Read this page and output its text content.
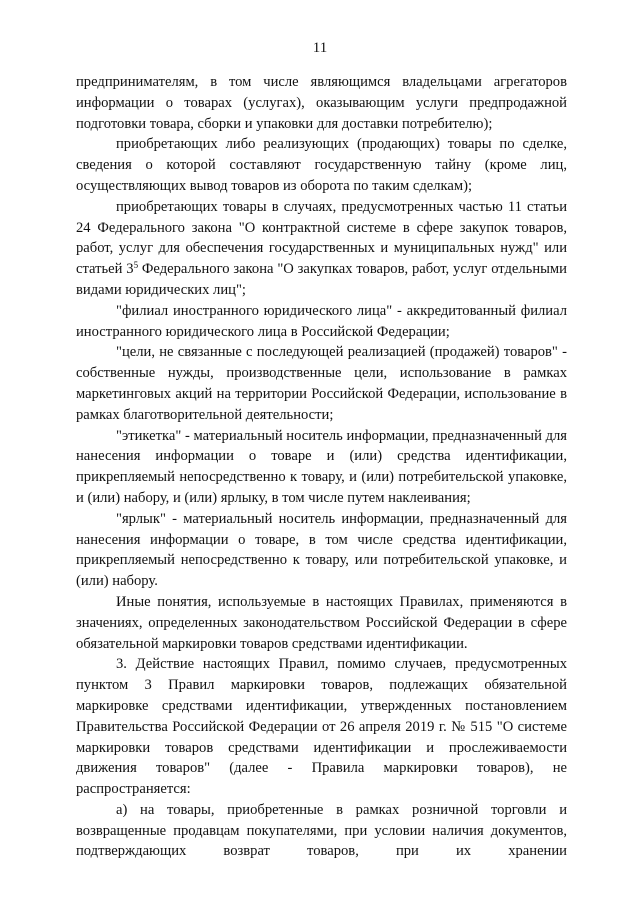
11

предпринимателям, в том числе являющимся владельцами агрегаторов информации о товарах (услугах), оказывающим услуги предпродажной подготовки товара, сборки и упаковки для доставки потребителю);

приобретающих либо реализующих (продающих) товары по сделке, сведения о которой составляют государственную тайну (кроме лиц, осуществляющих вывод товаров из оборота по таким сделкам);

приобретающих товары в случаях, предусмотренных частью 11 статьи 24 Федерального закона "О контрактной системе в сфере закупок товаров, работ, услуг для обеспечения государственных и муниципальных нужд" или статьей $3^5$ Федерального закона "О закупках товаров, работ, услуг отдельными видами юридических лиц";

"филиал иностранного юридического лица" - аккредитованный филиал иностранного юридического лица в Российской Федерации;

"цели, не связанные с последующей реализацией (продажей) товаров" - собственные нужды, производственные цели, использование в рамках маркетинговых акций на территории Российской Федерации, использование в рамках благотворительной деятельности;

"этикетка" - материальный носитель информации, предназначенный для нанесения информации о товаре и (или) средства идентификации, прикрепляемый непосредственно к товару, и (или) потребительской упаковке, и (или) набору, и (или) ярлыку, в том числе путем наклеивания;

"ярлык" - материальный носитель информации, предназначенный для нанесения информации о товаре, в том числе средства идентификации, прикрепляемый непосредственно к товару, или потребительской упаковке, и (или) набору.

Иные понятия, используемые в настоящих Правилах, применяются в значениях, определенных законодательством Российской Федерации в сфере обязательной маркировки товаров средствами идентификации.

3. Действие настоящих Правил, помимо случаев, предусмотренных пунктом 3 Правил маркировки товаров, подлежащих обязательной маркировке средствами идентификации, утвержденных постановлением Правительства Российской Федерации от 26 апреля 2019 г. № 515 "О системе маркировки товаров средствами идентификации и прослеживаемости движения товаров" (далее - Правила маркировки товаров), не распространяется:

а) на товары, приобретенные в рамках розничной торговли и возвращенные продавцам покупателями, при условии наличия документов, подтверждающих возврат товаров, при их хранении
